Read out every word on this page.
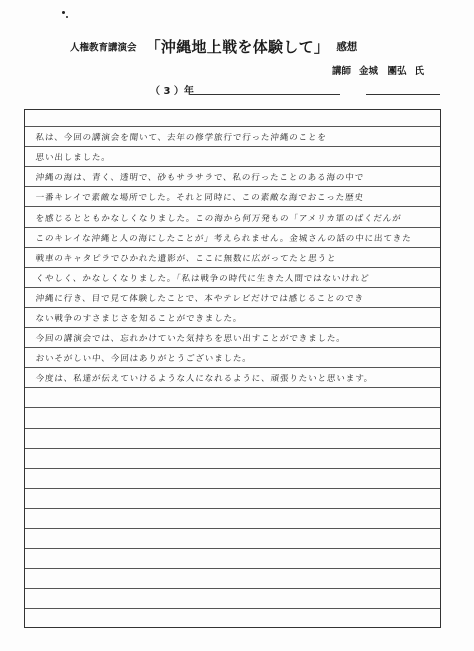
人権教育講演会 「沖縄地上戦を体験して」 感想
講師 金城　團弘 氏
（ 3 ）年
私は、今回の講演会を聞いて、去年の修学旅行で行った沖縄のことを
思い出しました。
沖縄の海は、青く、透明で、砂もサラサラで、私の行ったことのある海の中で
一番キレイで素敵な場所でした。それと同時に、この素敵な海でおこった歴史
を感じるとともかなしくなりました。この海から何万発もの「アメリカ軍のばくだんが
このキレイな沖縄と人の海にしたことが」考えられません。金城さんの話の中に出てきた
戦車のキャタピラでひかれた遺影が、ここに無数に広がってたと思うと
くやしく、かなしくなりました。「私は戦争の時代に生きた人間ではないけれど
沖縄に行き、目で見て体験したことで、本やテレビだけでは感じることのでき
ない戦争のすさまじさを知ることができました。
今回の講演会では、忘れかけていた気持ちを思い出すことができました。
おいそがしい中、今回はありがとうございました。
今度は、私達が伝えていけるような人になれるように、頑張りたいと思います。
